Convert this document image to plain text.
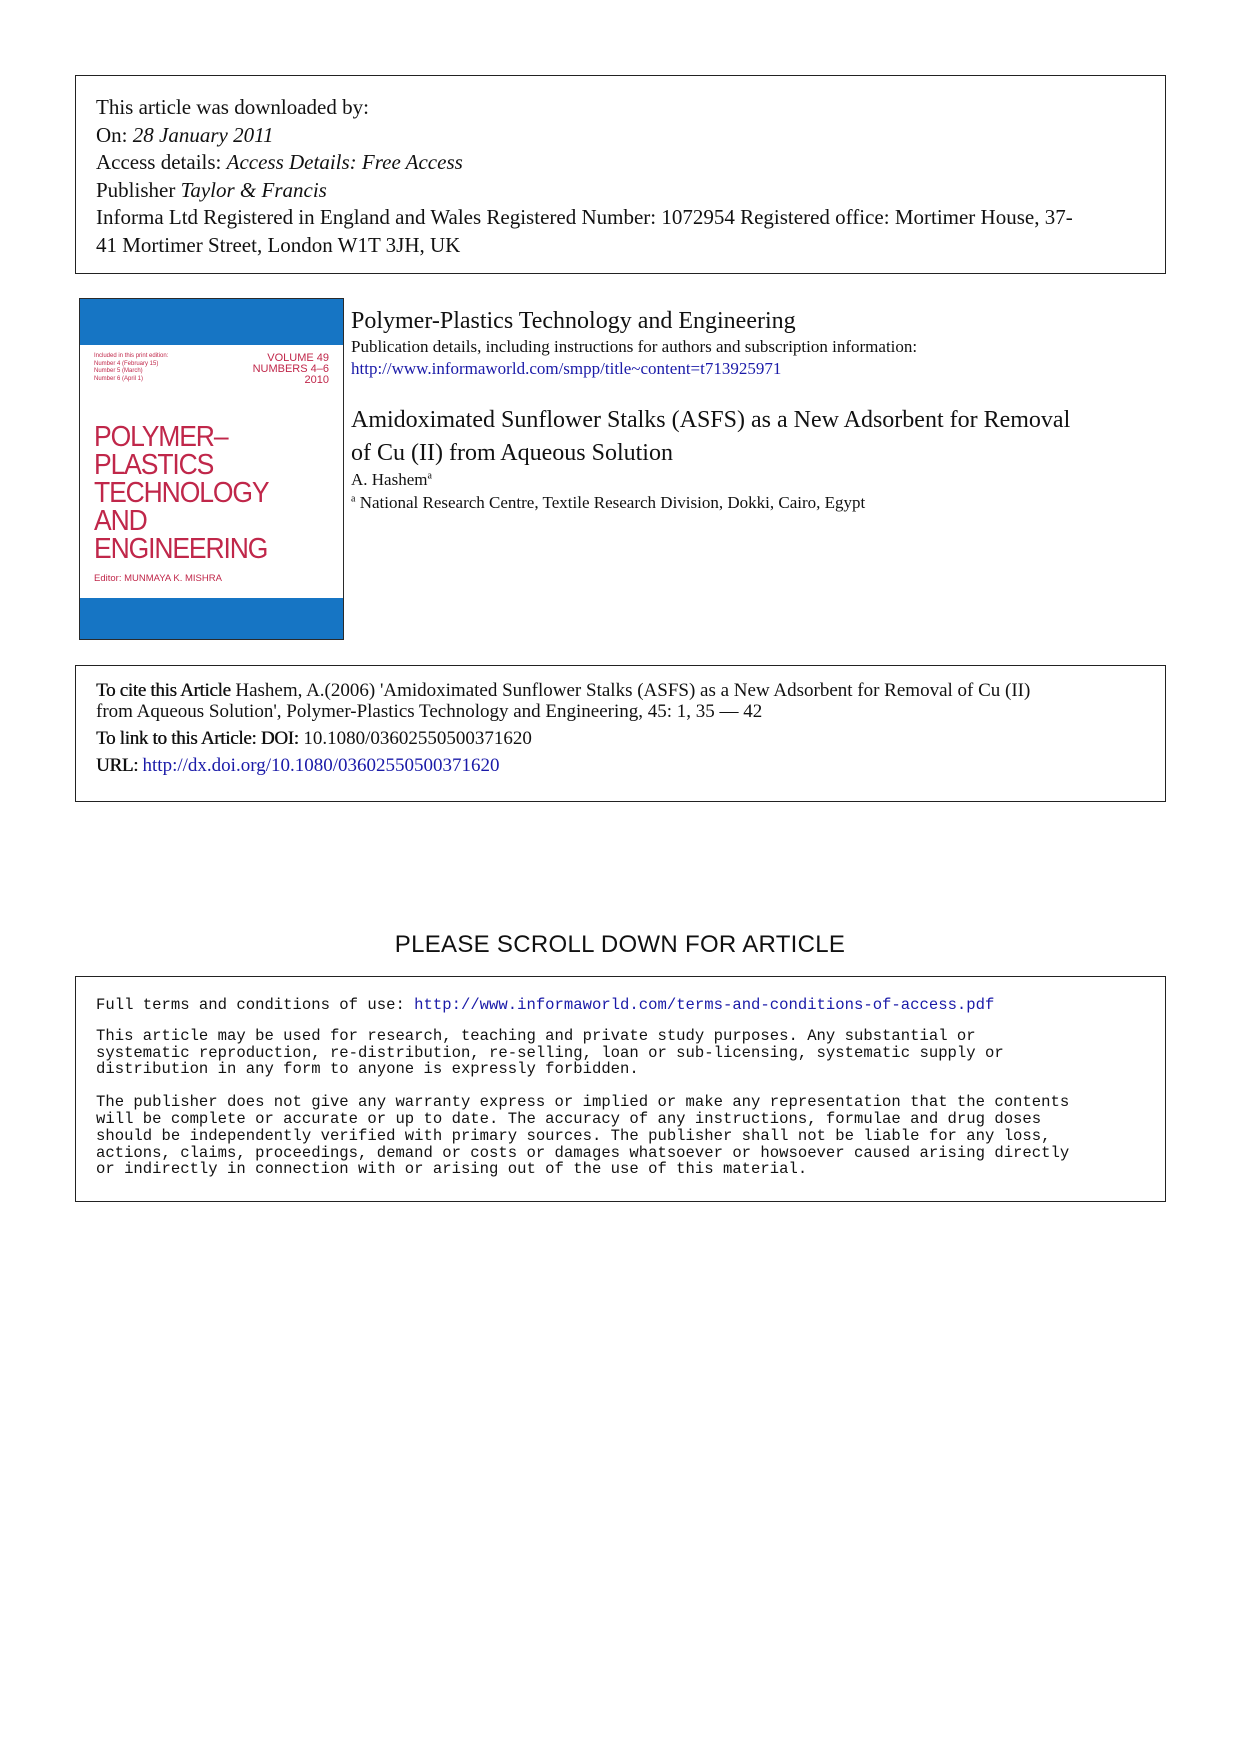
This article was downloaded by:
On: 28 January 2011
Access details: Access Details: Free Access
Publisher Taylor & Francis
Informa Ltd Registered in England and Wales Registered Number: 1072954 Registered office: Mortimer House, 37-
41 Mortimer Street, London W1T 3JH, UK
Included in this print edition:
Number 4 (February 15)
Number 5 (March)
Number 6 (April 1)
VOLUME 49
NUMBERS 4–6
2010
POLYMER–PLASTICS
TECHNOLOGY
AND
ENGINEERING
Editor: MUNMAYA K. MISHRA
Polymer-Plastics Technology and Engineering
Publication details, including instructions for authors and subscription information:
http://www.informaworld.com/smpp/title~content=t713925971
Amidoximated Sunflower Stalks (ASFS) as a New Adsorbent for Removal
of Cu (II) from Aqueous Solution
A. Hashem$^a$
$^a$ National Research Centre, Textile Research Division, Dokki, Cairo, Egypt
To cite this Article Hashem, A.(2006) 'Amidoximated Sunflower Stalks (ASFS) as a New Adsorbent for Removal of Cu (II)
from Aqueous Solution', Polymer-Plastics Technology and Engineering, 45: 1, 35 — 42
To link to this Article: DOI: 10.1080/03602550500371620
URL: http://dx.doi.org/10.1080/03602550500371620
PLEASE SCROLL DOWN FOR ARTICLE
Full terms and conditions of use: http://www.informaworld.com/terms-and-conditions-of-access.pdf
This article may be used for research, teaching and private study purposes. Any substantial or
systematic reproduction, re-distribution, re-selling, loan or sub-licensing, systematic supply or
distribution in any form to anyone is expressly forbidden.
The publisher does not give any warranty express or implied or make any representation that the contents
will be complete or accurate or up to date. The accuracy of any instructions, formulae and drug doses
should be independently verified with primary sources. The publisher shall not be liable for any loss,
actions, claims, proceedings, demand or costs or damages whatsoever or howsoever caused arising directly
or indirectly in connection with or arising out of the use of this material.
